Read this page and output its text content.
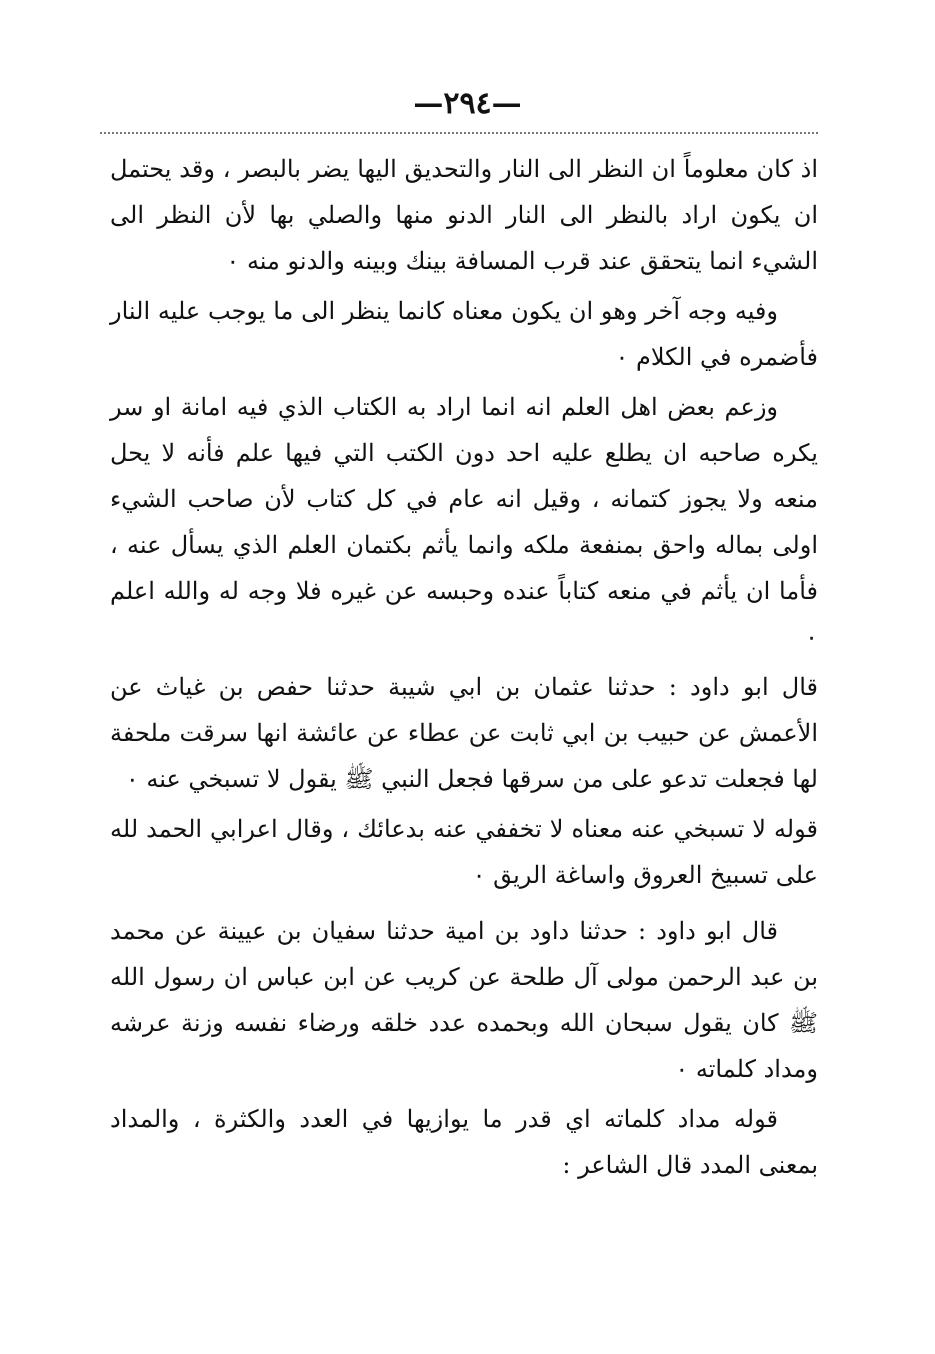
—٢٩٤—

اذ كان معلوماً ان النظر الى النار والتحديق اليها يضر بالبصر ، وقد يحتمل ان يكون اراد بالنظر الى النار الدنو منها والصلي بها لأن النظر الى الشيء انما يتحقق عند قرب المسافة بينك وبينه والدنو منه ٠

وفيه وجه آخر وهو ان يكون معناه كانما ينظر الى ما يوجب عليه النار فأضمره في الكلام ٠

وزعم بعض اهل العلم انه انما اراد به الكتاب الذي فيه امانة او سر يكره صاحبه ان يطلع عليه احد دون الكتب التي فيها علم فأنه لا يحل منعه ولا يجوز كتمانه ، وقيل انه عام في كل كتاب لأن صاحب الشيء اولى بماله واحق بمنفعة ملكه وانما يأثم بكتمان العلم الذي يسأل عنه ، فأما ان يأثم في منعه كتاباً عنده وحبسه عن غيره فلا وجه له والله اعلم ٠

قال ابو داود : حدثنا عثمان بن ابي شيبة حدثنا حفص بن غياث عن الأعمش عن حبيب بن ابي ثابت عن عطاء عن عائشة انها سرقت ملحفة لها فجعلت تدعو على من سرقها فجعل النبي ﷺ يقول لا تسبخي عنه ٠

قوله لا تسبخي عنه معناه لا تخففي عنه بدعائك ، وقال اعرابي الحمد لله على تسبيخ العروق واساغة الريق ٠

قال ابو داود : حدثنا داود بن امية حدثنا سفيان بن عيينة عن محمد بن عبد الرحمن مولى آل طلحة عن كريب عن ابن عباس ان رسول الله ﷺ كان يقول سبحان الله وبحمده عدد خلقه ورضاء نفسه وزنة عرشه ومداد كلماته ٠

قوله مداد كلماته اي قدر ما يوازيها في العدد والكثرة ، والمداد بمعنى المدد قال الشاعر :
